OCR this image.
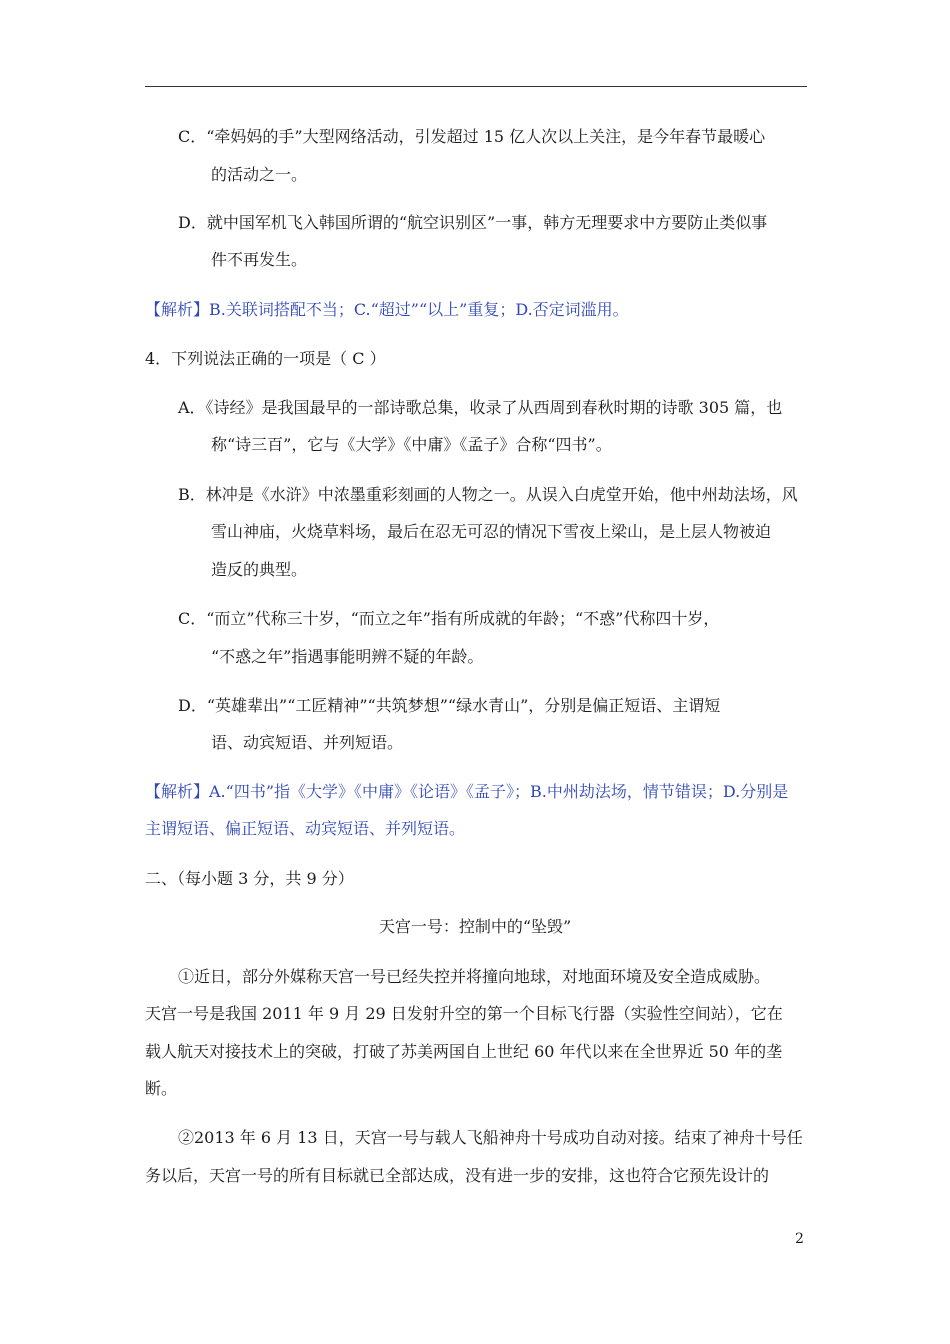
C．“牵妈妈的手”大型网络活动，引发超过 15 亿人次以上关注，是今年春节最暖心
的活动之一。
D．就中国军机飞入韩国所谓的“航空识别区”一事，韩方无理要求中方要防止类似事
件不再发生。
【解析】B.关联词搭配不当；C.“超过”“以上”重复；D.否定词滥用。
4．下列说法正确的一项是（ C ）
A．《诗经》是我国最早的一部诗歌总集，收录了从西周到春秋时期的诗歌 305 篇，也
称“诗三百”，它与《大学》《中庸》《孟子》合称“四书”。
B．林冲是《水浒》中浓墨重彩刻画的人物之一。从误入白虎堂开始，他中州劫法场，风
雪山神庙，火烧草料场，最后在忍无可忍的情况下雪夜上梁山，是上层人物被迫
造反的典型。
C．“而立”代称三十岁，“而立之年”指有所成就的年龄；“不惑”代称四十岁，
“不惑之年”指遇事能明辨不疑的年龄。
D．“英雄辈出”“工匠精神”“共筑梦想”“绿水青山”，分别是偏正短语、主谓短
语、动宾短语、并列短语。
【解析】A.“四书”指《大学》《中庸》《论语》《孟子》；B.中州劫法场，情节错误；D.分别是
主谓短语、偏正短语、动宾短语、并列短语。
二、（每小题 3 分，共 9 分）
天宫一号：控制中的“坠毁”
①近日，部分外媒称天宫一号已经失控并将撞向地球，对地面环境及安全造成威胁。
天宫一号是我国 2011 年 9 月 29 日发射升空的第一个目标飞行器（实验性空间站），它在
载人航天对接技术上的突破，打破了苏美两国自上世纪 60 年代以来在全世界近 50 年的垄
断。
②2013 年 6 月 13 日，天宫一号与载人飞船神舟十号成功自动对接。结束了神舟十号任
务以后，天宫一号的所有目标就已全部达成，没有进一步的安排，这也符合它预先设计的
2
